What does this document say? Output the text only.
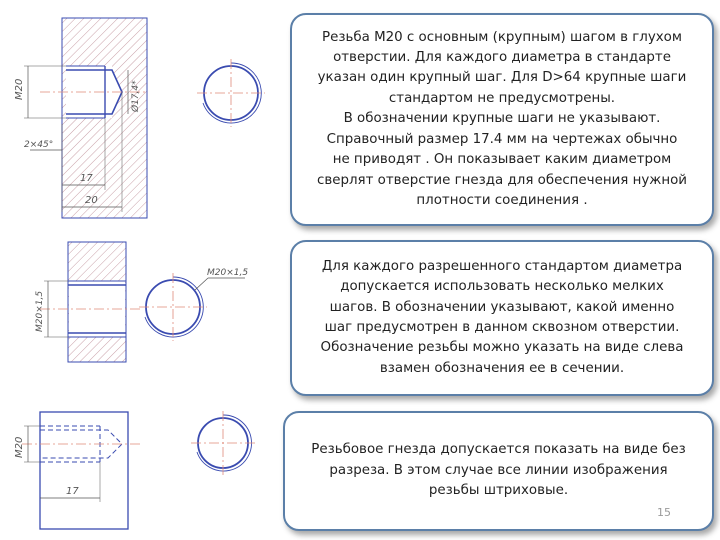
M20	Ø17,4*
2×45°
17
20
M20×1,5
M20×1,5
M20
17

Резьба М20 с основным (крупным) шагом в глухом

отверстии. Для каждого диаметра в стандарте

указан один крупный шаг. Для D>64 крупные шаги

стандартом не предусмотрены.

В обозначении крупные шаги не указывают.

Справочный размер 17.4 мм на чертежах обычно

не приводят . Он показывает каким диаметром

сверлят отверстие гнезда для обеспечения нужной

плотности соединения .

Для каждого разрешенного стандартом диаметра

допускается использовать несколько мелких

шагов. В обозначении указывают, какой именно

шаг предусмотрен в данном сквозном отверстии.

Обозначение резьбы можно указать на виде слева

взамен обозначения ее в сечении.

Резьбовое гнезда допускается показать на виде без

разреза. В этом случае все линии изображения

резьбы штриховые.

15
